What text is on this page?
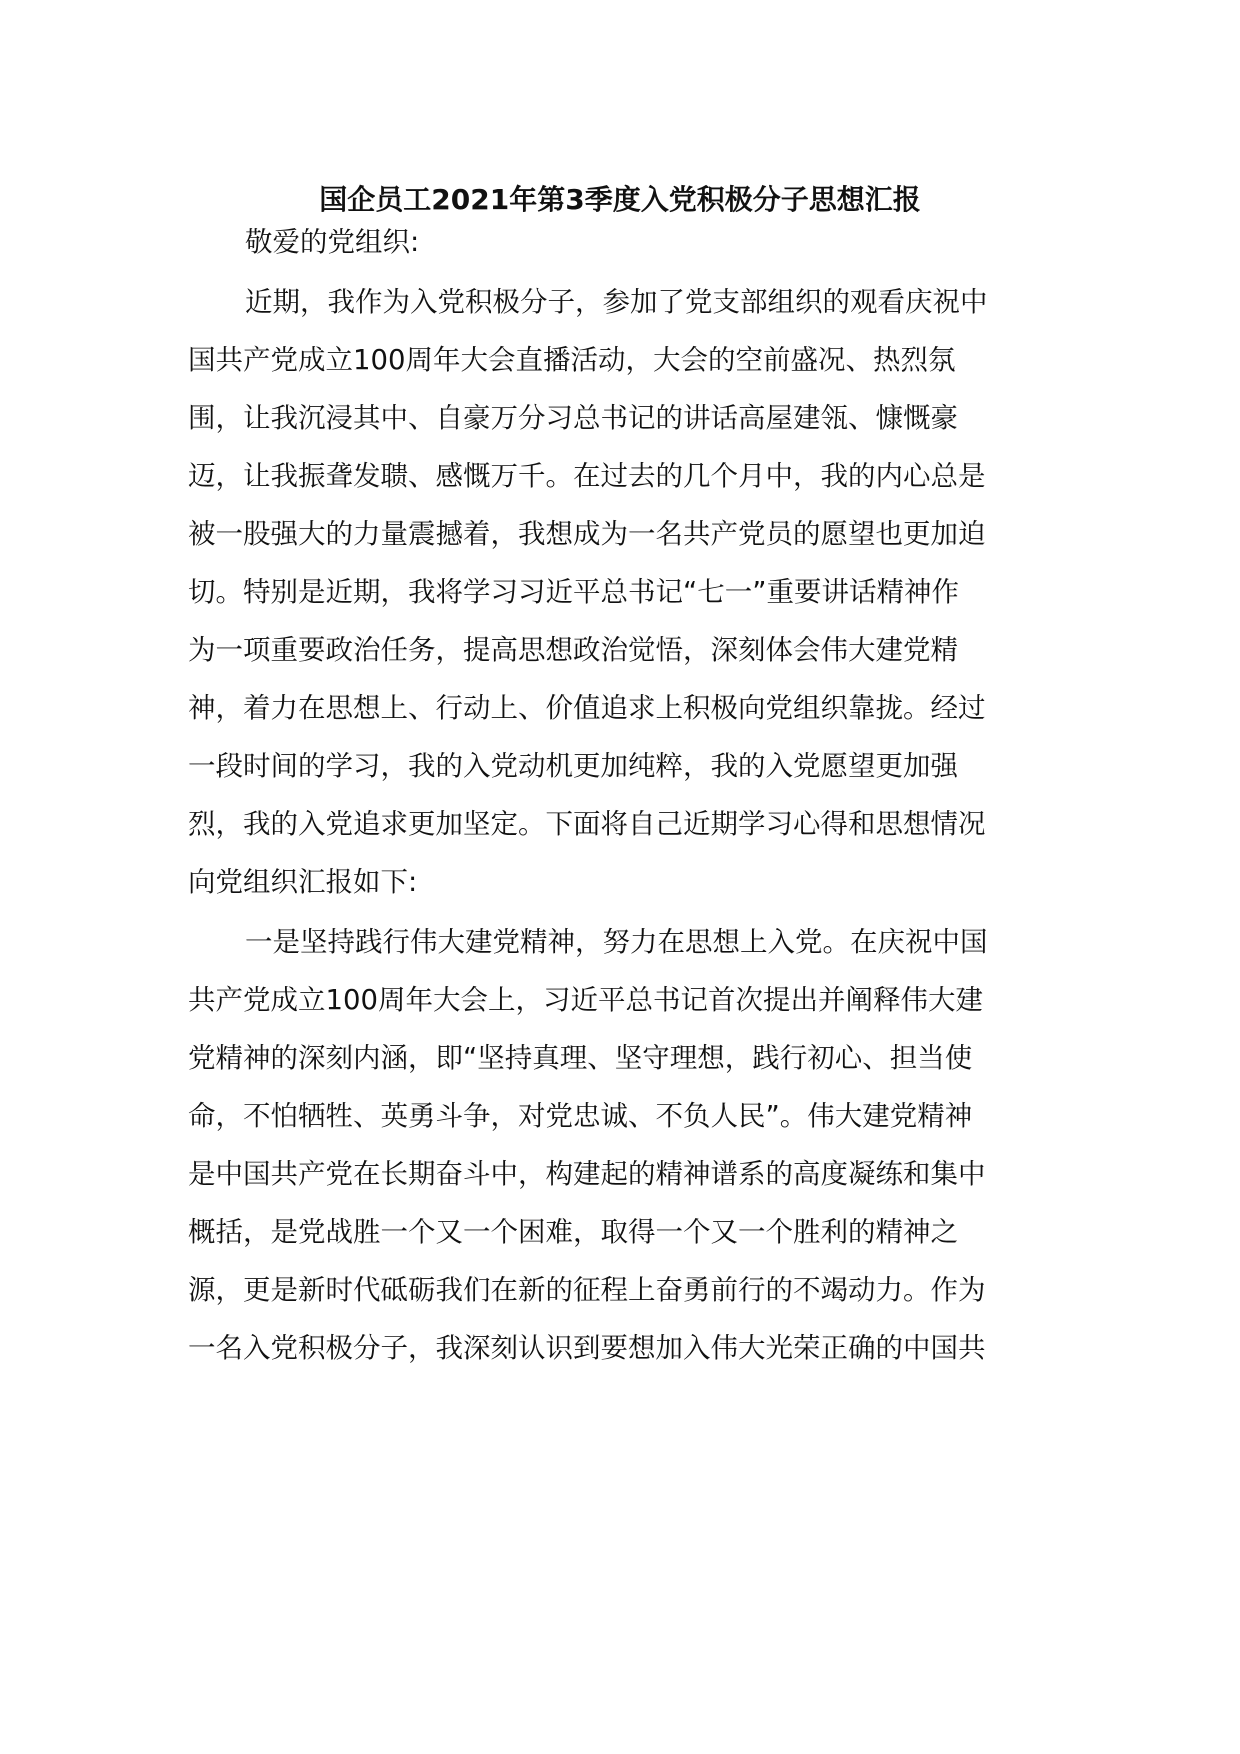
国企员工2021年第3季度入党积极分子思想汇报
敬爱的党组织:
近期，我作为入党积极分子，参加了党支部组织的观看庆祝中
国共产党成立100周年大会直播活动，大会的空前盛况、热烈氛
围，让我沉浸其中、自豪万分习总书记的讲话高屋建瓴、慷慨豪
迈，让我振聋发聩、感慨万千。在过去的几个月中，我的内心总是
被一股强大的力量震撼着，我想成为一名共产党员的愿望也更加迫
切。特别是近期，我将学习习近平总书记“七一”重要讲话精神作
为一项重要政治任务，提高思想政治觉悟，深刻体会伟大建党精
神，着力在思想上、行动上、价值追求上积极向党组织靠拢。经过
一段时间的学习，我的入党动机更加纯粹，我的入党愿望更加强
烈，我的入党追求更加坚定。下面将自己近期学习心得和思想情况
向党组织汇报如下:
一是坚持践行伟大建党精神，努力在思想上入党。在庆祝中国
共产党成立100周年大会上，习近平总书记首次提出并阐释伟大建
党精神的深刻内涵，即“坚持真理、坚守理想，践行初心、担当使
命，不怕牺牲、英勇斗争，对党忠诚、不负人民”。伟大建党精神
是中国共产党在长期奋斗中，构建起的精神谱系的高度凝练和集中
概括，是党战胜一个又一个困难，取得一个又一个胜利的精神之
源，更是新时代砥砺我们在新的征程上奋勇前行的不竭动力。作为
一名入党积极分子，我深刻认识到要想加入伟大光荣正确的中国共
